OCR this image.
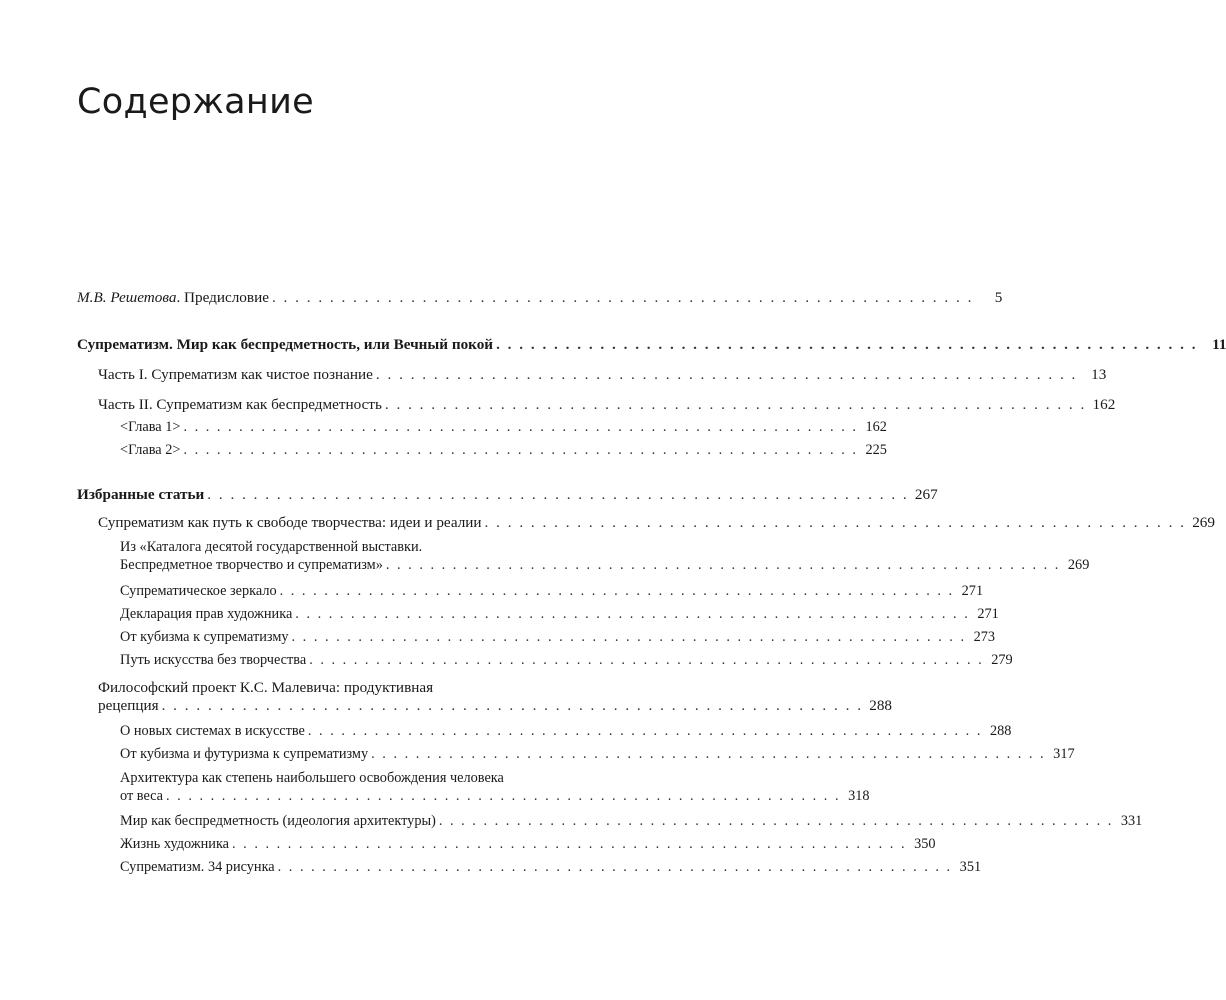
Содержание
М.В. Решетова. Предисловие . . . . . . . . . . . . . . . . . . . . . . . . . . . . . . . . . . . . . . . . . . . . . . . . . . . . . . . . . . . . .	5
Супрематизм. Мир как беспредметность, или Вечный покой . . . . . . . . . . . . . . . . . . . . . . . . . . . . . . . . . . . . . . . . . . . . . . . . . . . . . . . . . . . . . 11
Часть I. Супрематизм как чистое познание . . . . . . . . . . . . . . . . . . . . . . . . . . . . . . . . . . . . . . . . . . . . . . . . . . . . . . . . . . . . . 13
Часть II. Супрематизм как беспредметность . . . . . . . . . . . . . . . . . . . . . . . . . . . . . . . . . . . . . . . . . . . . . . . . . . . . . . . . . . . . . 162
<Глава 1> . . . . . . . . . . . . . . . . . . . . . . . . . . . . . . . . . . . . . . . . . . . . . . . . . . . . . . . . . . . . . 162
<Глава 2> . . . . . . . . . . . . . . . . . . . . . . . . . . . . . . . . . . . . . . . . . . . . . . . . . . . . . . . . . . . . . 225
Избранные статьи . . . . . . . . . . . . . . . . . . . . . . . . . . . . . . . . . . . . . . . . . . . . . . . . . . . . . . . . . . . . . 267
Супрематизм как путь к свободе творчества: идеи и реалии . . . . . . . . . . . . . . . . . . . . . . . . . . . . . . . . . . . . . . . . . . . . . . . . . . . . . . . . . . . . . 269
Из «Каталога десятой государственной выставки.
Беспредметное творчество и супрематизм» . . . . . . . . . . . . . . . . . . . . . . . . . . . . . . . . . . . . . . . . . . . . . . . . . . . . . . . . . . . . . 269
Супрематическое зеркало . . . . . . . . . . . . . . . . . . . . . . . . . . . . . . . . . . . . . . . . . . . . . . . . . . . . . . . . . . . . . 271
Декларация прав художника . . . . . . . . . . . . . . . . . . . . . . . . . . . . . . . . . . . . . . . . . . . . . . . . . . . . . . . . . . . . . 271
От кубизма к супрематизму . . . . . . . . . . . . . . . . . . . . . . . . . . . . . . . . . . . . . . . . . . . . . . . . . . . . . . . . . . . . . 273
Путь искусства без творчества . . . . . . . . . . . . . . . . . . . . . . . . . . . . . . . . . . . . . . . . . . . . . . . . . . . . . . . . . . . . . 279
Философский проект К.С. Малевича: продуктивная
рецепция . . . . . . . . . . . . . . . . . . . . . . . . . . . . . . . . . . . . . . . . . . . . . . . . . . . . . . . . . . . . . 288
О новых системах в искусстве . . . . . . . . . . . . . . . . . . . . . . . . . . . . . . . . . . . . . . . . . . . . . . . . . . . . . . . . . . . . . 288
От кубизма и футуризма к супрематизму . . . . . . . . . . . . . . . . . . . . . . . . . . . . . . . . . . . . . . . . . . . . . . . . . . . . . . . . . . . . . 317
Архитектура как степень наибольшего освобождения человека
от веса . . . . . . . . . . . . . . . . . . . . . . . . . . . . . . . . . . . . . . . . . . . . . . . . . . . . . . . . . . . . . 318
Мир как беспредметность (идеология архитектуры) . . . . . . . . . . . . . . . . . . . . . . . . . . . . . . . . . . . . . . . . . . . . . . . . . . . . . . . . . . . . . 331
Жизнь художника . . . . . . . . . . . . . . . . . . . . . . . . . . . . . . . . . . . . . . . . . . . . . . . . . . . . . . . . . . . . . 350
Супрематизм. 34 рисунка . . . . . . . . . . . . . . . . . . . . . . . . . . . . . . . . . . . . . . . . . . . . . . . . . . . . . . . . . . . . . 351
